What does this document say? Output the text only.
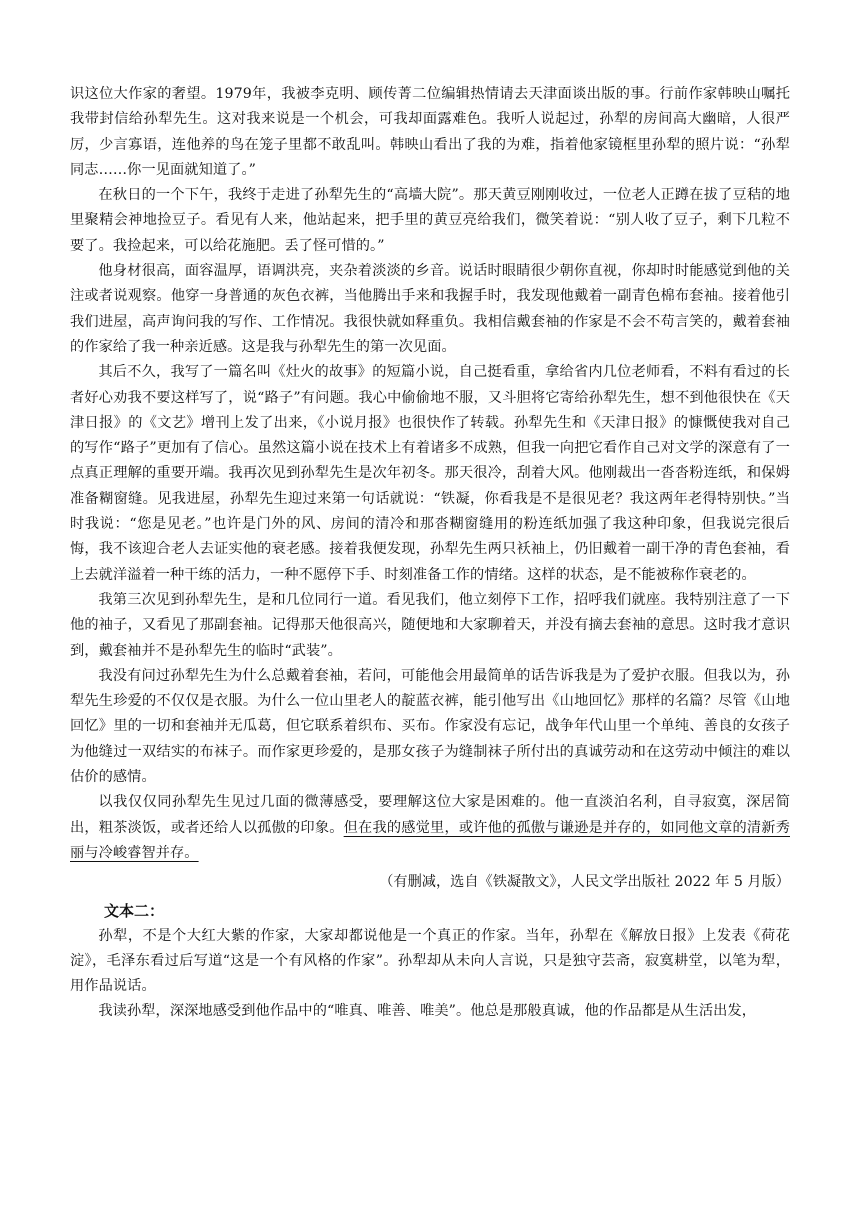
识这位大作家的奢望。1979年，我被李克明、顾传菁二位编辑热情请去天津面谈出版的事。行前作家韩映山嘱托我带封信给孙犁先生。这对我来说是一个机会，可我却面露难色。我听人说起过，孙犁的房间高大幽暗，人很严厉，少言寡语，连他养的鸟在笼子里都不敢乱叫。韩映山看出了我的为难，指着他家镜框里孙犁的照片说：“孙犁同志……你一见面就知道了。”

在秋日的一个下午，我终于走进了孙犁先生的“高墙大院”。那天黄豆刚刚收过，一位老人正蹲在拔了豆秸的地里聚精会神地捡豆子。看见有人来，他站起来，把手里的黄豆亮给我们，微笑着说：“别人收了豆子，剩下几粒不要了。我捡起来，可以给花施肥。丢了怪可惜的。”

他身材很高，面容温厚，语调洪亮，夹杂着淡淡的乡音。说话时眼睛很少朝你直视，你却时时能感觉到他的关注或者说观察。他穿一身普通的灰色衣裤，当他腾出手来和我握手时，我发现他戴着一副青色棉布套袖。接着他引我们进屋，高声询问我的写作、工作情况。我很快就如释重负。我相信戴套袖的作家是不会不苟言笑的，戴着套袖的作家给了我一种亲近感。这是我与孙犁先生的第一次见面。

其后不久，我写了一篇名叫《灶火的故事》的短篇小说，自己挺看重，拿给省内几位老师看，不料有看过的长者好心劝我不要这样写了，说“路子”有问题。我心中偷偷地不服，又斗胆将它寄给孙犁先生，想不到他很快在《天津日报》的《文艺》增刊上发了出来，《小说月报》也很快作了转载。孙犁先生和《天津日报》的慷慨使我对自己的写作“路子”更加有了信心。虽然这篇小说在技术上有着诸多不成熟，但我一向把它看作自己对文学的深意有了一点真正理解的重要开端。我再次见到孙犁先生是次年初冬。那天很冷，刮着大风。他刚裁出一沓沓粉连纸，和保姆准备糊窗缝。见我进屋，孙犁先生迎过来第一句话就说：“铁凝，你看我是不是很见老？我这两年老得特别快。”当时我说：“您是见老。”也许是门外的风、房间的清冷和那沓糊窗缝用的粉连纸加强了我这种印象，但我说完很后悔，我不该迎合老人去证实他的衰老感。接着我便发现，孙犁先生两只袄袖上，仍旧戴着一副干净的青色套袖，看上去就洋溢着一种干练的活力，一种不愿停下手、时刻准备工作的情绪。这样的状态，是不能被称作衰老的。

我第三次见到孙犁先生，是和几位同行一道。看见我们，他立刻停下工作，招呼我们就座。我特别注意了一下他的袖子，又看见了那副套袖。记得那天他很高兴，随便地和大家聊着天，并没有摘去套袖的意思。这时我才意识到，戴套袖并不是孙犁先生的临时“武装”。

我没有问过孙犁先生为什么总戴着套袖，若问，可能他会用最简单的话告诉我是为了爱护衣服。但我以为，孙犁先生珍爱的不仅仅是衣服。为什么一位山里老人的靛蓝衣裤，能引他写出《山地回忆》那样的名篇？尽管《山地回忆》里的一切和套袖并无瓜葛，但它联系着织布、买布。作家没有忘记，战争年代山里一个单纯、善良的女孩子为他缝过一双结实的布袜子。而作家更珍爱的，是那女孩子为缝制袜子所付出的真诚劳动和在这劳动中倾注的难以估价的感情。

以我仅仅同孙犁先生见过几面的微薄感受，要理解这位大家是困难的。他一直淡泊名利，自寻寂寞，深居简出，粗茶淡饭，或者还给人以孤傲的印象。但在我的感觉里，或许他的孤傲与谦逊是并存的，如同他文章的清新秀丽与冷峻睿智并存。

（有删减，选自《铁凝散文》，人民文学出版社 2022 年 5 月版）

文本二：

孙犁，不是个大红大紫的作家，大家却都说他是一个真正的作家。当年，孙犁在《解放日报》上发表《荷花淀》，毛泽东看过后写道“这是一个有风格的作家”。孙犁却从未向人言说，只是独守芸斋，寂寞耕堂，以笔为犁，用作品说话。

我读孙犁，深深地感受到他作品中的“唯真、唯善、唯美”。他总是那般真诚，他的作品都是从生活出发，
